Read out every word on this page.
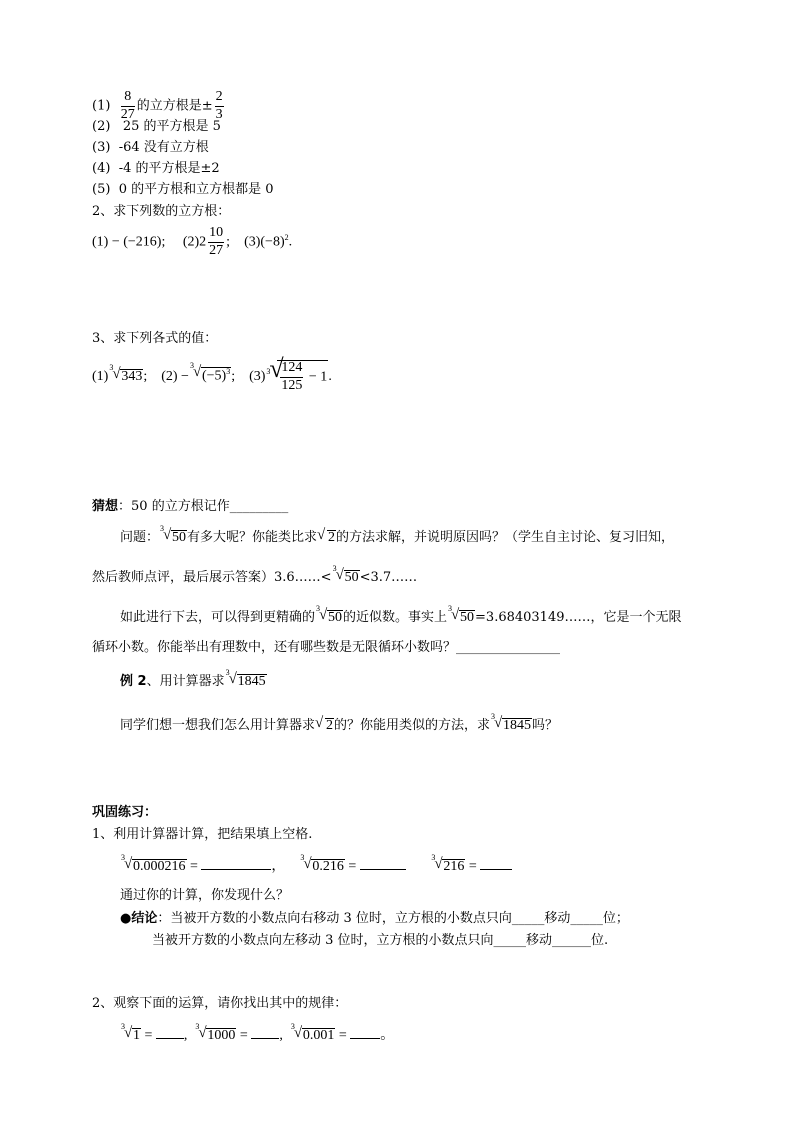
$(1) \frac{8}{27}$ 的立方根是± $\frac{2}{3}$
(2) 25 的平方根是 5
(3) -64 没有立方根
(4) -4 的平方根是±2
(5) 0 的平方根和立方根都是 0
2、求下列数的立方根：
(1) − (−216); $(2)2 \frac{10}{27}$ ; $(3)(-8)^2$.
3、求下列各式的值：
(1)
3 √ 343; (2) −
3 √ $(-5)^3$; (3) 3 √
$\frac{124}{125} - 1$.
猜想：50 的立方根记作_________
问题：
3 √ 50有多大呢？你能类比求 √ 2的方法求解，并说明原因吗？（学生自主讨论、复习旧知，
然后教师点评，最后展示答案）3.6……<
3 √ 50<3.7……
如此进行下去，可以得到更精确的
3 √ 50的近似数。事实上
3 √ 50=3.68403149……，它是一个无限
循环小数。你能举出有理数中，还有哪些数是无限循环小数吗？________________
例 2、用计算器求
3 √ 1845
同学们想一想我们怎么用计算器求 √ 2的？你能用类似的方法，求
3 √ 1845吗？
巩固练习：
1、利用计算器计算，把结果填上空格.
3 √ 0.000216 =	，
3 √ 0.216 =
3 √ 216 =
通过你的计算，你发现什么？
●结论：当被开方数的小数点向右移动 3 位时，立方根的小数点只向_____移动_____位；
当被开方数的小数点向左移动 3 位时，立方根的小数点只向_____移动______位.
2、观察下面的运算，请你找出其中的规律：
3 √ 1 = ,
3 √ 1000 = ,
3 √ 0.001 = 。
